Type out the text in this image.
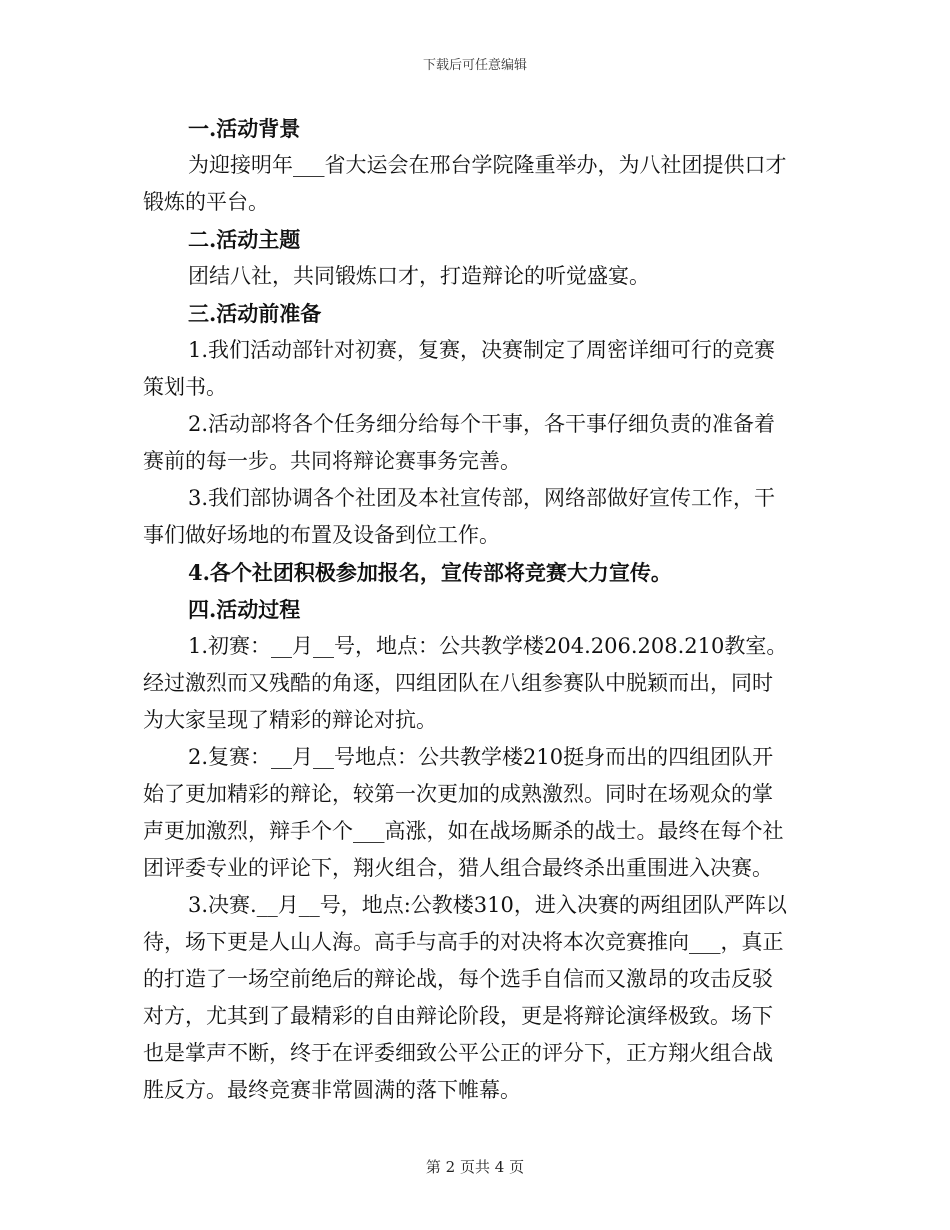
下载后可任意编辑
一.活动背景
为迎接明年___省大运会在邢台学院隆重举办，为八社团提供口才
锻炼的平台。
二.活动主题
团结八社，共同锻炼口才，打造辩论的听觉盛宴。
三.活动前准备
1.我们活动部针对初赛，复赛，决赛制定了周密详细可行的竞赛
策划书。
2.活动部将各个任务细分给每个干事，各干事仔细负责的准备着
赛前的每一步。共同将辩论赛事务完善。
3.我们部协调各个社团及本社宣传部，网络部做好宣传工作，干
事们做好场地的布置及设备到位工作。
4.各个社团积极参加报名，宣传部将竞赛大力宣传。
四.活动过程
1.初赛：__月__号，地点：公共教学楼204.206.208.210教室。
经过激烈而又残酷的角逐，四组团队在八组参赛队中脱颖而出，同时
为大家呈现了精彩的辩论对抗。
2.复赛：__月__号地点：公共教学楼210挺身而出的四组团队开
始了更加精彩的辩论，较第一次更加的成熟激烈。同时在场观众的掌
声更加激烈，辩手个个___高涨，如在战场厮杀的战士。最终在每个社
团评委专业的评论下，翔火组合，猎人组合最终杀出重围进入决赛。
3.决赛.__月__号，地点:公教楼310，进入决赛的两组团队严阵以
待，场下更是人山人海。高手与高手的对决将本次竞赛推向___，真正
的打造了一场空前绝后的辩论战，每个选手自信而又激昂的攻击反驳
对方，尤其到了最精彩的自由辩论阶段，更是将辩论演绎极致。场下
也是掌声不断，终于在评委细致公平公正的评分下，正方翔火组合战
胜反方。最终竞赛非常圆满的落下帷幕。
第 2 页共 4 页
